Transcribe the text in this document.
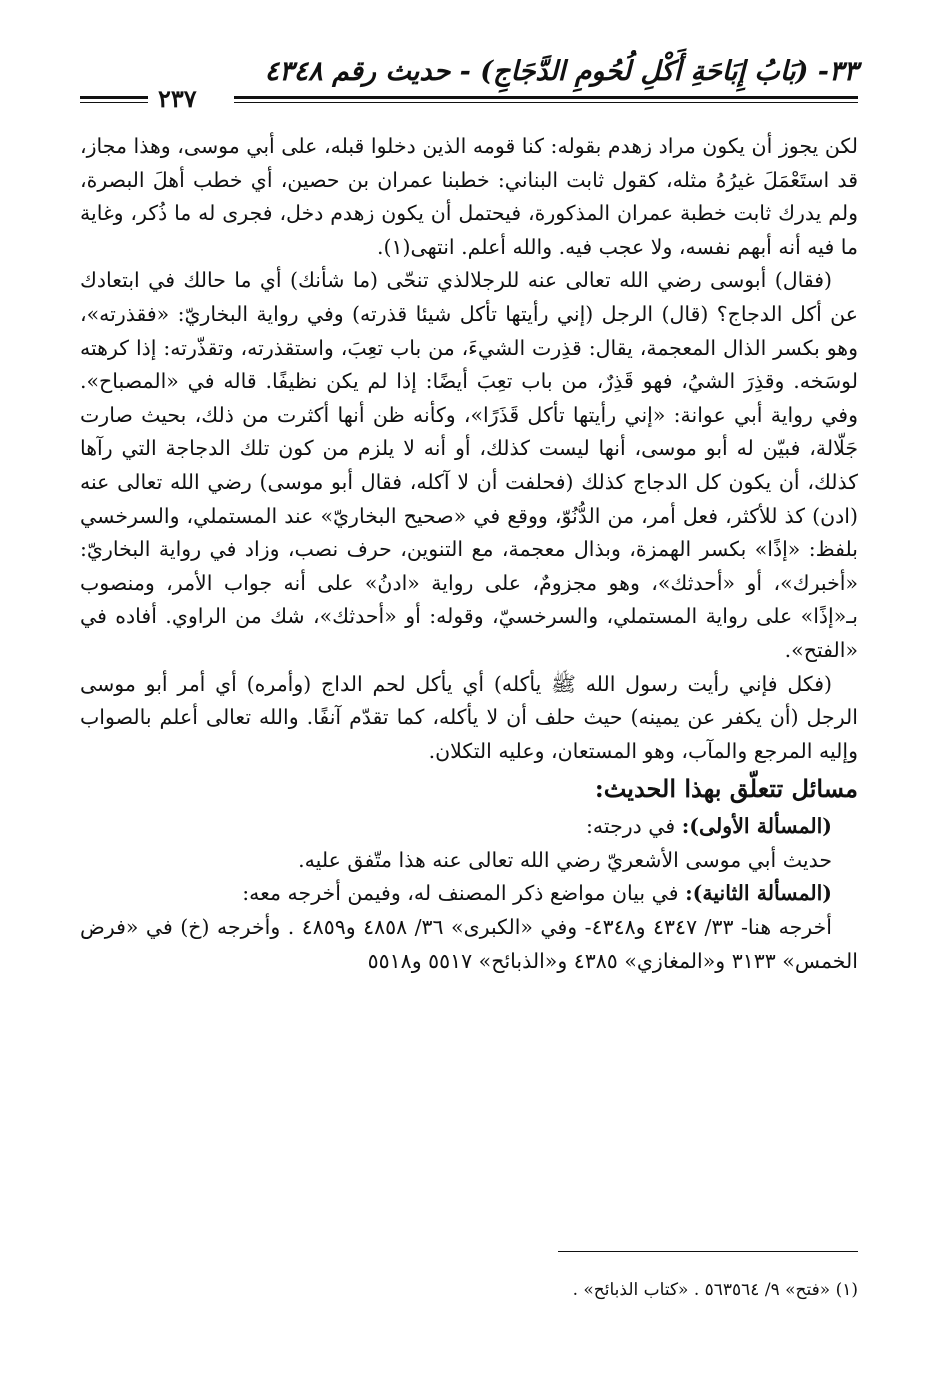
٣٣- (بَابُ إِبَاحَةِ أَكْلِ لُحُومِ الدَّجَاجِ) - حديث رقم ٤٣٤٨
٢٣٧

لكن يجوز أن يكون مراد زهدم بقوله: كنا قومه الذين دخلوا قبله، على أبي موسى، وهذا مجاز، قد استَعْمَلَ غيرُهُ مثله، كقول ثابت البناني: خطبنا عمران بن حصين، أي خطب أهلَ البصرة، ولم يدرك ثابت خطبة عمران المذكورة، فيحتمل أن يكون زهدم دخل، فجرى له ما ذُكر، وغاية ما فيه أنه أبهم نفسه، ولا عجب فيه. والله أعلم. انتهى(١).

(فقال) أبوسى رضي الله تعالى عنه للرجلالذي تنحّى (ما شأنك) أي ما حالك في ابتعادك عن أكل الدجاج؟ (قال) الرجل (إني رأيتها تأكل شيئا قذرته) وفي رواية البخاريّ: «فقذرته»، وهو بكسر الذال المعجمة، يقال: قذِرت الشيءَ، من باب تعِبَ، واستقذرته، وتقذّرته: إذا كرهته لوسَخه. وقذِرَ الشيُ، فهو قَذِرٌ، من باب تعِبَ أيضًا: إذا لم يكن نظيفًا. قاله في «المصباح». وفي رواية أبي عوانة: «إني رأيتها تأكل قَذَرًا»، وكأنه ظن أنها أكثرت من ذلك، بحيث صارت جَلّالة، فبيّن له أبو موسى، أنها ليست كذلك، أو أنه لا يلزم من كون تلك الدجاجة التي رآها كذلك، أن يكون كل الدجاج كذلك (فحلفت أن لا آكله، فقال أبو موسى) رضي الله تعالى عنه (ادن) كذ للأكثر، فعل أمر، من الدُّنُوّ، ووقع في «صحيح البخاريّ» عند المستملي، والسرخسي بلفظ: «إذًا» بكسر الهمزة، وبذال معجمة، مع التنوين، حرف نصب، وزاد في رواية البخاريّ: «أخبرك»، أو «أحدثك»، وهو مجزومٌ، على رواية «ادنُ» على أنه جواب الأمر، ومنصوب بـ«إذًا» على رواية المستملي، والسرخسيّ، وقوله: أو «أحدثك»، شك من الراوي. أفاده في «الفتح».

(فكل فإني رأيت رسول الله ﷺ يأكله) أي يأكل لحم الداج (وأمره) أي أمر أبو موسى الرجل (أن يكفر عن يمينه) حيث حلف أن لا يأكله، كما تقدّم آنفًا. والله تعالى أعلم بالصواب وإليه المرجع والمآب، وهو المستعان، وعليه التكلان.

مسائل تتعلّق بهذا الحديث:

(المسألة الأولى): في درجته:

حديث أبي موسى الأشعريّ رضي الله تعالى عنه هذا متّفق عليه.

(المسألة الثانية): في بيان مواضع ذكر المصنف له، وفيمن أخرجه معه:

أخرجه هنا- ٣٣/ ٤٣٤٧ و٤٣٤٨- وفي «الكبرى» ٣٦/ ٤٨٥٨ و٤٨٥٩ . وأخرجه (خ) في «فرض الخمس» ٣١٣٣ و«المغازي» ٤٣٨٥ و«الذبائح» ٥٥١٧ و٥٥١٨

(١) «فتح» ٩/ ٥٦٣٥٦٤ . «كتاب الذبائح» .
